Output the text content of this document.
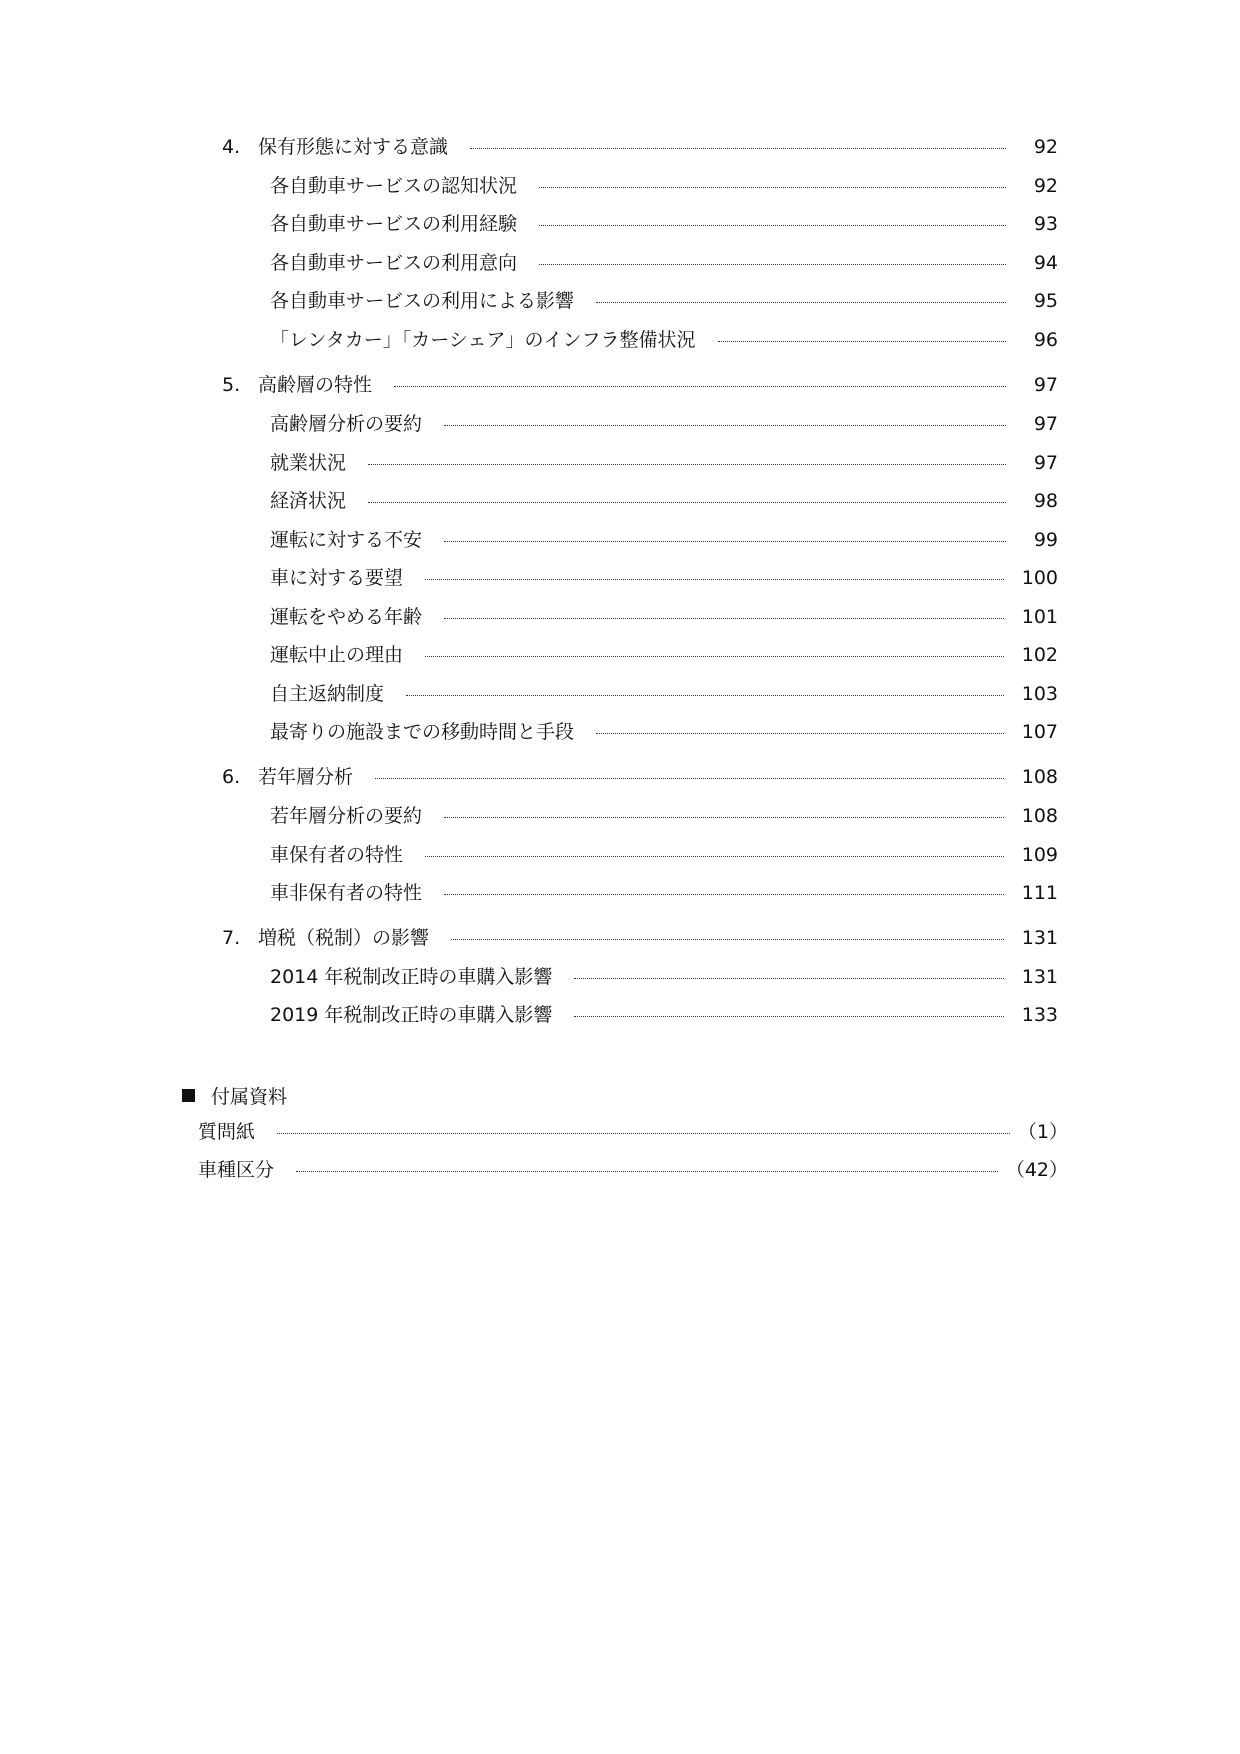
4. 保有形態に対する意識	92
各自動車サービスの認知状況	92
各自動車サービスの利用経験	93
各自動車サービスの利用意向	94
各自動車サービスの利用による影響	95
「レンタカー」「カーシェア」のインフラ整備状況	96
5. 高齢層の特性	97
高齢層分析の要約	97
就業状況	97
経済状況	98
運転に対する不安	99
車に対する要望	100
運転をやめる年齢	101
運転中止の理由	102
自主返納制度	103
最寄りの施設までの移動時間と手段	107
6. 若年層分析	108
若年層分析の要約	108
車保有者の特性	109
車非保有者の特性	111
7. 増税（税制）の影響	131
2014 年税制改正時の車購入影響	131
2019 年税制改正時の車購入影響	133
付属資料
質問紙	（1）
車種区分	（42）
